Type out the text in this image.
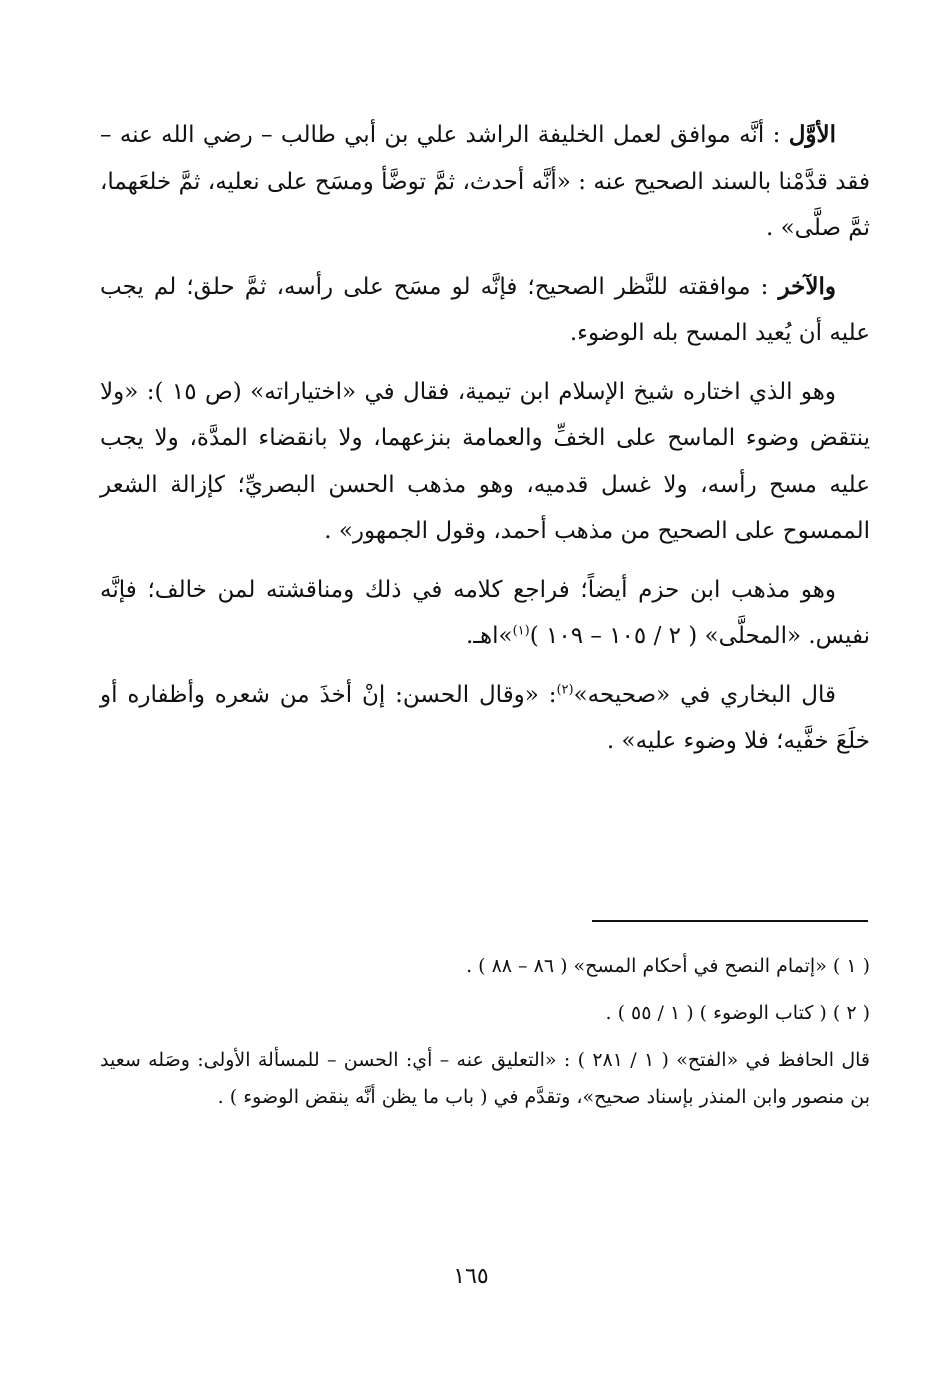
الأوَّل : أنَّه موافق لعمل الخليفة الراشد علي بن أبي طالب – رضي الله عنه – فقد قدَّمْنا بالسند الصحيح عنه : «أنَّه أحدث، ثمَّ توضَّأ ومسَح على نعليه، ثمَّ خلعَهما، ثمَّ صلَّى» .

والآخر : موافقته للنَّظر الصحيح؛ فإنَّه لو مسَح على رأسه، ثمَّ حلق؛ لم يجب عليه أن يُعيد المسح بله الوضوء.

وهو الذي اختاره شيخ الإسلام ابن تيمية، فقال في «اختياراته» (ص ١٥ ): «ولا ينتقض وضوء الماسح على الخفِّ والعمامة بنزعهما، ولا بانقضاء المدَّة، ولا يجب عليه مسح رأسه، ولا غسل قدميه، وهو مذهب الحسن البصريِّ؛ كإزالة الشعر الممسوح على الصحيح من مذهب أحمد، وقول الجمهور» .

وهو مذهب ابن حزم أيضاً؛ فراجع كلامه في ذلك ومناقشته لمن خالف؛ فإنَّه نفيس. «المحلَّى» ( ٢ / ١٠٥ – ١٠٩ )$^{(١)}$»اهـ.

قال البخاري في «صحيحه»$^{(٢)}$: «وقال الحسن: إنْ أخذَ من شعره وأظفاره أو خلَعَ خفَّيه؛ فلا وضوء عليه» .

( ١ ) «إتمام النصح في أحكام المسح» ( ٨٦ – ٨٨ ) .

( ٢ ) ( كتاب الوضوء ) ( ١ / ٥٥ ) .

قال الحافظ في «الفتح» ( ١ / ٢٨١ ) : «التعليق عنه – أي: الحسن – للمسألة الأولى: وصَله سعيد بن منصور وابن المنذر بإسناد صحيح»، وتقدَّم في ( باب ما يظن أنَّه ينقض الوضوء ) .

١٦٥
